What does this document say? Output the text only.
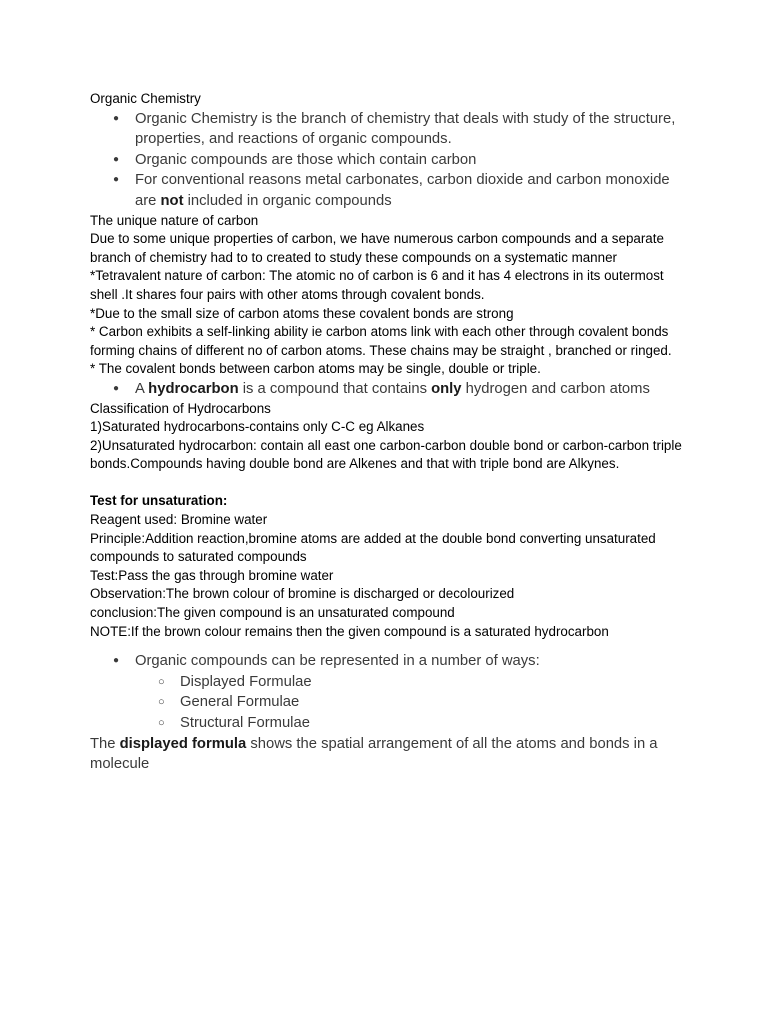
Organic Chemistry

● Organic Chemistry is the branch of chemistry that deals with study of the structure, properties, and reactions of organic compounds.
● Organic compounds are those which contain carbon
● For conventional reasons metal carbonates, carbon dioxide and carbon monoxide are not included in organic compounds

The unique nature of carbon

Due to some unique properties of carbon, we have numerous carbon compounds and a separate branch of chemistry had to to created to study these compounds on a systematic manner

*Tetravalent nature of carbon: The atomic no of carbon is 6 and it has 4 electrons in its outermost shell .It shares four pairs with other atoms through covalent bonds.

*Due to the small size of carbon atoms these covalent bonds are strong

* Carbon exhibits a self-linking ability ie carbon atoms link with each other through covalent bonds forming chains of different no of carbon atoms. These chains may be straight , branched or ringed.

* The covalent bonds between carbon atoms may be single, double or triple.

● A hydrocarbon is a compound that contains only hydrogen and carbon atoms

Classification of Hydrocarbons

1)Saturated hydrocarbons-contains only C-C eg Alkanes

2)Unsaturated hydrocarbon: contain all east one carbon-carbon double bond or carbon-carbon triple bonds.Compounds having double bond are Alkenes and that with triple bond are Alkynes.

Test for unsaturation:

Reagent used: Bromine water

Principle:Addition reaction,bromine atoms are added at the double bond converting unsaturated compounds to saturated compounds

Test:Pass the gas through bromine water

Observation:The brown colour of bromine is discharged or decolourized

conclusion:The given compound is an unsaturated compound

NOTE:If the brown colour remains then the given compound is a saturated hydrocarbon

● Organic compounds can be represented in a number of ways:
○ Displayed Formulae
○ General Formulae
○ Structural Formulae

The displayed formula shows the spatial arrangement of all the atoms and bonds in a molecule
